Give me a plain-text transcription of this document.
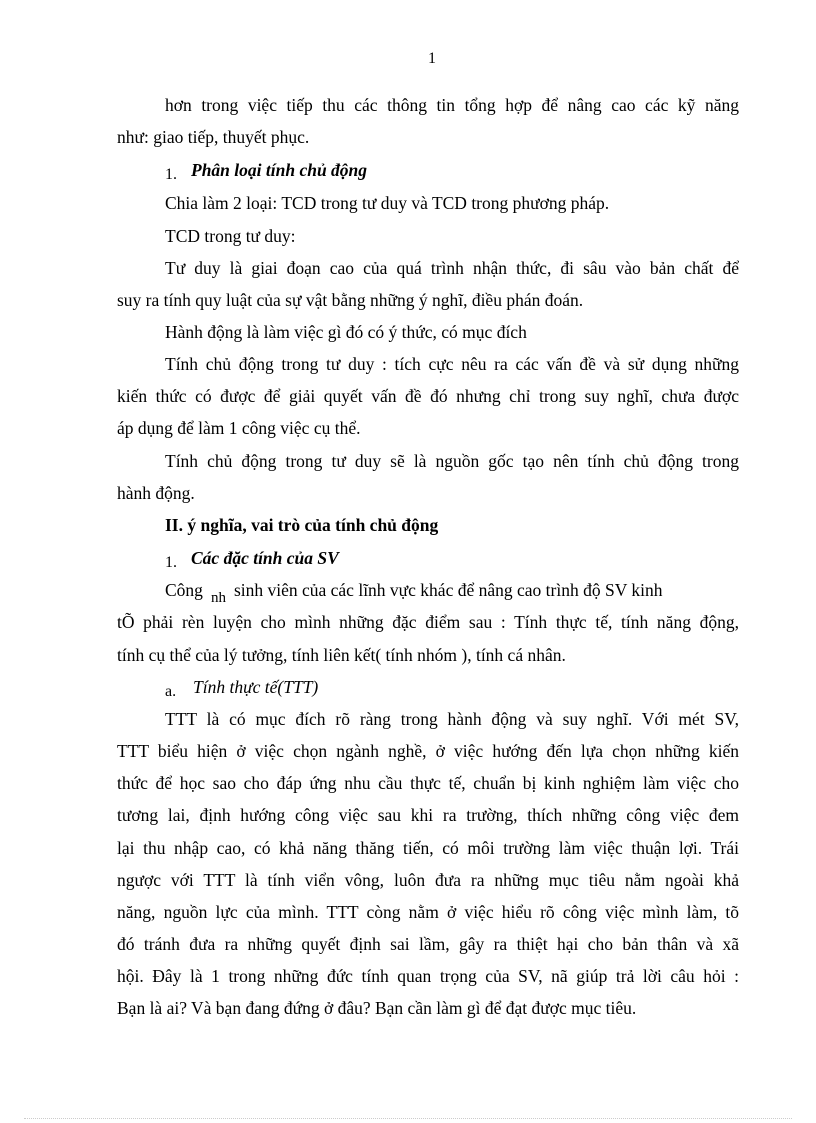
1
hơn trong việc tiếp thu các thông tin tổng hợp để nâng cao các kỹ năng
như: giao tiếp, thuyết phục.
1. Phân loại tính chủ động
Chia làm 2 loại: TCD trong tư duy và TCD trong phương pháp.
TCD trong tư duy:
Tư duy là giai đoạn cao của quá trình nhận thức, đi sâu vào bản chất để
suy ra tính quy luật của sự vật bằng những ý nghĩ, điều phán đoán.
Hành động là làm việc gì đó có ý thức, có mục đích
Tính chủ động trong tư duy : tích cực nêu ra các vấn đề và sử dụng những
kiến thức có được để giải quyết vấn đề đó nhưng chỉ trong suy nghĩ, chưa được
áp dụng để làm 1 công việc cụ thể.
Tính chủ động trong tư duy sẽ là nguồn gốc tạo nên tính chủ động trong
hành động.
II. ý nghĩa, vai trò của tính chủ động
1. Các đặc tính của SV
Công nh sinh viên của các lĩnh vực khác để nâng cao trình độ SV kinh
tÕ phải rèn luyện cho mình những đặc điểm sau : Tính thực tế, tính năng động,
tính cụ thể của lý tưởng, tính liên kết( tính nhóm ), tính cá nhân.
a. Tính thực tế(TTT)
TTT là có mục đích rõ ràng trong hành động và suy nghĩ. Với mét SV,
TTT biểu hiện ở việc chọn ngành nghề, ở việc hướng đến lựa chọn những kiến
thức để học sao cho đáp ứng nhu cầu thực tế, chuẩn bị kinh nghiệm làm việc cho
tương lai, định hướng công việc sau khi ra trường, thích những công việc đem
lại thu nhập cao, có khả năng thăng tiến, có môi trường làm việc thuận lợi. Trái
ngược với TTT là tính viển vông, luôn đưa ra những mục tiêu nằm ngoài khả
năng, nguồn lực của mình. TTT còng nằm ở việc hiểu rõ công việc mình làm, tõ
đó tránh đưa ra những quyết định sai lầm, gây ra thiệt hại cho bản thân và xã
hội. Đây là 1 trong những đức tính quan trọng của SV, nã giúp trả lời câu hỏi :
Bạn là ai? Và bạn đang đứng ở đâu? Bạn cần làm gì để đạt được mục tiêu.
